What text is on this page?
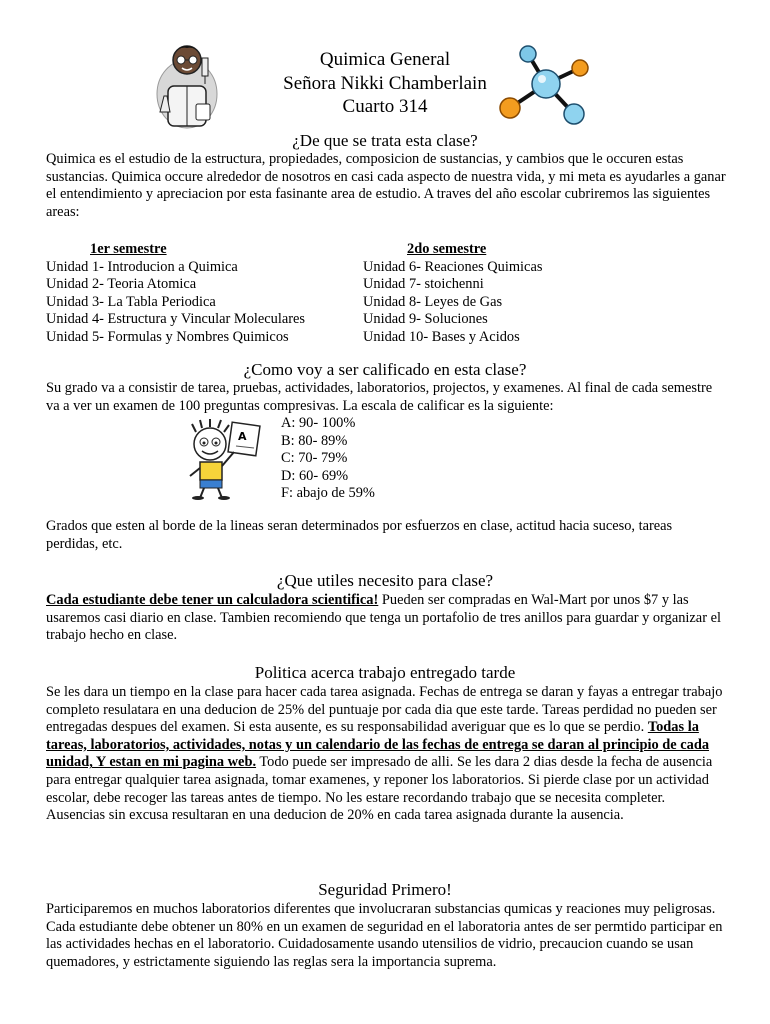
Quimica General
Señora Nikki Chamberlain
Cuarto 314
¿De que se trata esta clase?

Quimica es el estudio de la estructura, propiedades, composicion de sustancias, y cambios que le occuren estas sustancias. Quimica occure alrededor de nosotros en casi cada aspecto de nuestra vida, y mi meta es ayudarles a ganar el entendimiento y apreciacion por esta fasinante area de estudio. A traves del año escolar cubriremos las siguientes areas:

1er semestre
Unidad 1- Introducion a Quimica
Unidad 2- Teoria Atomica
Unidad 3- La Tabla Periodica
Unidad 4- Estructura y Vincular Moleculares
Unidad 5- Formulas y Nombres Quimicos
2do semestre
Unidad 6- Reaciones Quimicas
Unidad 7- stoichenni
Unidad 8- Leyes de Gas
Unidad 9- Soluciones
Unidad 10- Bases y Acidos
¿Como voy a ser calificado en esta clase?

Su grado va a consistir de tarea, pruebas, actividades, laboratorios, projectos, y examenes. Al final de cada semestre va a ver un examen de 100 preguntas compresivas. La escala de calificar es la siguiente:

A
A: 90- 100%
B: 80- 89%
C: 70- 79%
D: 60- 69%
F: abajo de 59%

Grados que esten al borde de la lineas seran determinados por esfuerzos en clase, actitud hacia suceso, tareas perdidas, etc.

¿Que utiles necesito para clase?

Cada estudiante debe tener un calculadora scientifica! Pueden ser compradas en Wal-Mart por unos $7 y las usaremos casi diario en clase. Tambien recomiendo que tenga un portafolio de tres anillos para guardar y organizar el trabajo hecho en clase.

Politica acerca trabajo entregado tarde

Se les dara un tiempo en la clase para hacer cada tarea asignada. Fechas de entrega se daran y fayas a entregar trabajo completo resulatara en una deducion de 25% del puntuaje por cada dia que este tarde. Tareas perdidad no pueden ser entregadas despues del examen. Si esta ausente, es su responsabilidad averiguar que es lo que se perdio. Todas la tareas, laboratorios, actividades, notas y un calendario de las fechas de entrega se daran al principio de cada unidad, Y estan en mi pagina web. Todo puede ser impresado de alli. Se les dara 2 dias desde la fecha de ausencia para entregar qualquier tarea asignada, tomar examenes, y reponer los laboratorios. Si pierde clase por un actividad escolar, debe recoger las tareas antes de tiempo. No les estare recordando trabajo que se necesita completer. Ausencias sin excusa resultaran en una deducion de 20% en cada tarea asignada durante la ausencia.

Seguridad Primero!

Participaremos en muchos laboratorios diferentes que involucraran substancias qumicas y reaciones muy peligrosas. Cada estudiante debe obtener un 80% en un examen de seguridad en el laboratoria antes de ser permtido participar en las actividades hechas en el laboratorio. Cuidadosamente usando utensilios de vidrio, precaucion cuando se usan quemadores, y estrictamente siguiendo las reglas sera la importancia suprema.
